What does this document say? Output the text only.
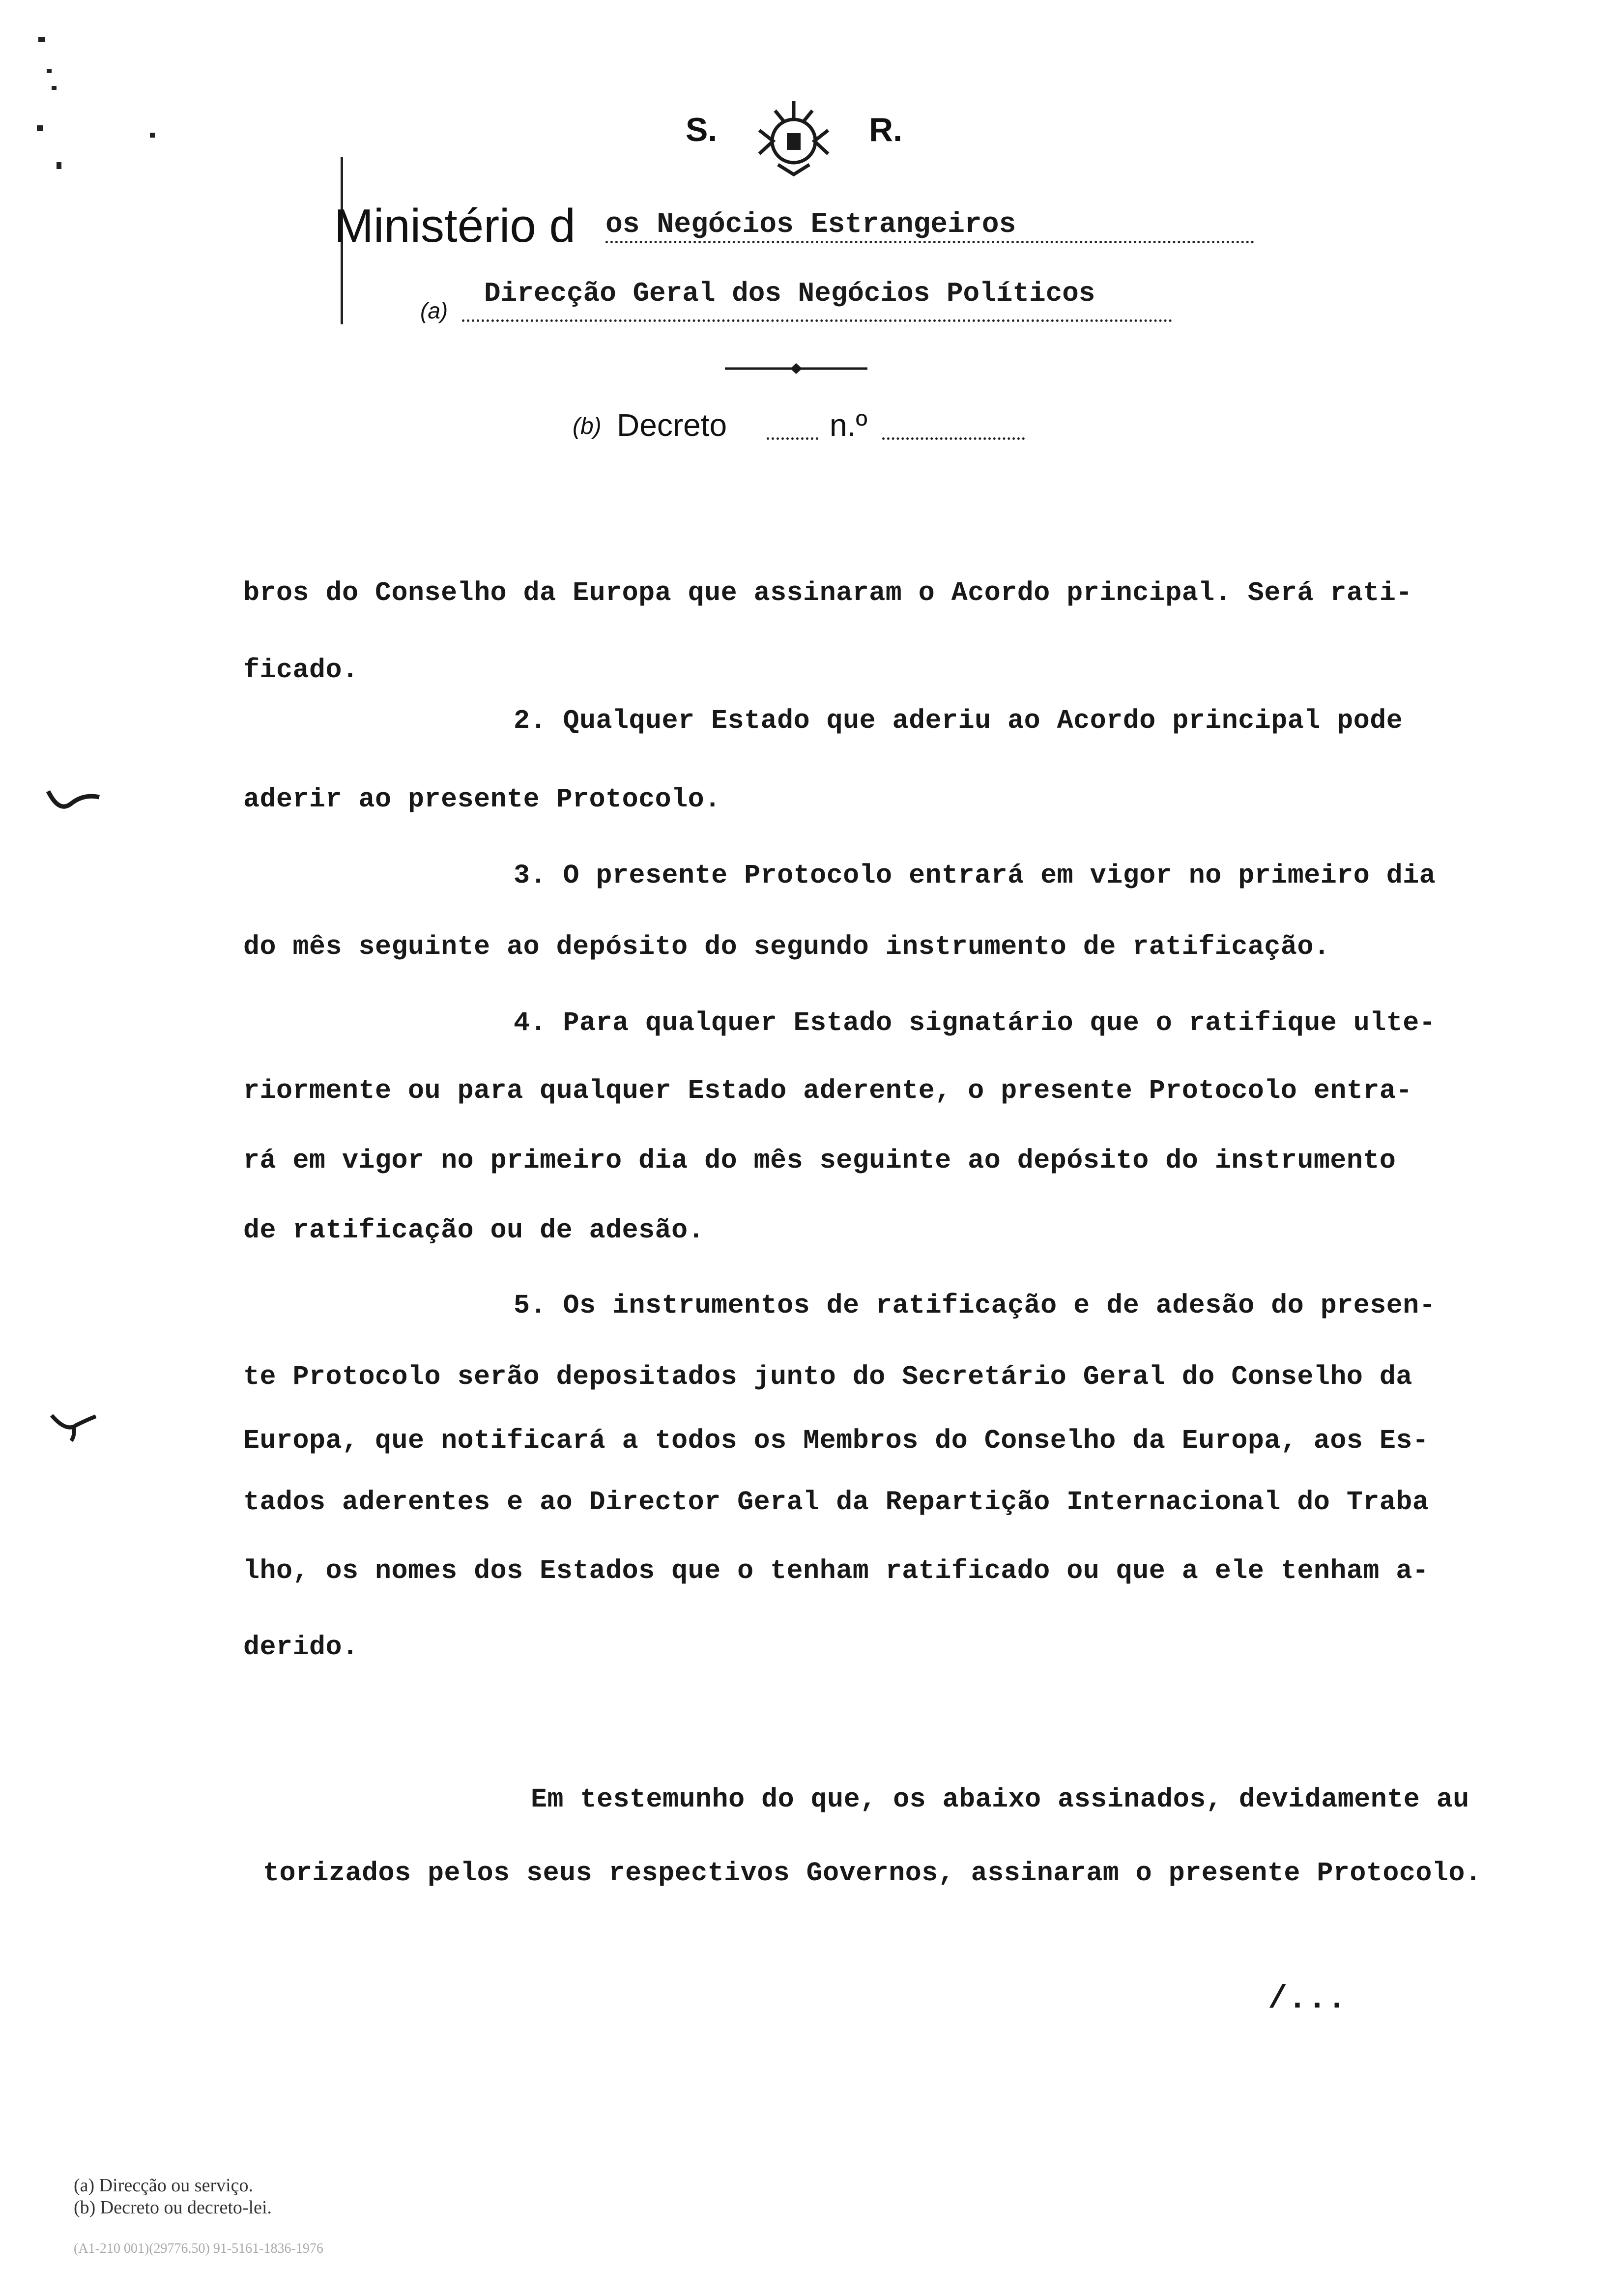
S.	R.
Ministério d os Negócios Estrangeiros
(a)
Direcção Geral dos Negócios Políticos
(b) Decreto	n.º
bros do Conselho da Europa que assinaram o Acordo principal. Será rati-
ficado.
2. Qualquer Estado que aderiu ao Acordo principal pode
aderir ao presente Protocolo.
3. O presente Protocolo entrará em vigor no primeiro dia
do mês seguinte ao depósito do segundo instrumento de ratificação.
4. Para qualquer Estado signatário que o ratifique ulte-
riormente ou para qualquer Estado aderente, o presente Protocolo entra-
rá em vigor no primeiro dia do mês seguinte ao depósito do instrumento
de ratificação ou de adesão.
5. Os instrumentos de ratificação e de adesão do presen-
te Protocolo serão depositados junto do Secretário Geral do Conselho da
Europa, que notificará a todos os Membros do Conselho da Europa, aos Es-
tados aderentes e ao Director Geral da Repartição Internacional do Traba
lho, os nomes dos Estados que o tenham ratificado ou que a ele tenham a-
derido.
Em testemunho do que, os abaixo assinados, devidamente au
torizados pelos seus respectivos Governos, assinaram o presente Protocolo.
/...
(a) Direcção ou serviço.
(b) Decreto ou decreto-lei.
(A1-210 001)(29776.50) 91-5161-1836-1976
